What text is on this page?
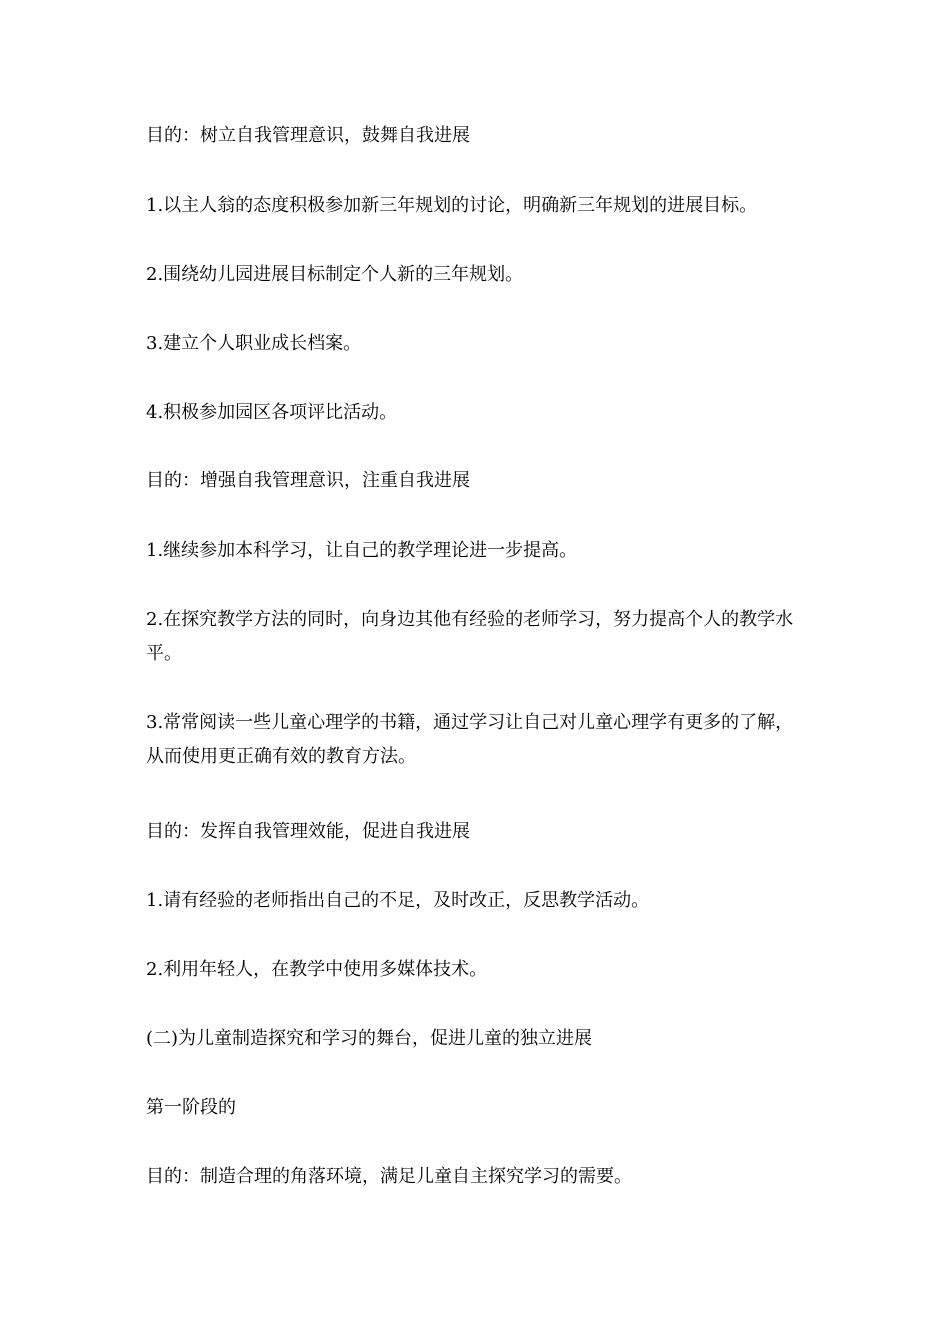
目的：树立自我管理意识，鼓舞自我进展

1.以主人翁的态度积极参加新三年规划的讨论，明确新三年规划的进展目标。

2.围绕幼儿园进展目标制定个人新的三年规划。

3.建立个人职业成长档案。

4.积极参加园区各项评比活动。

目的：增强自我管理意识，注重自我进展

1.继续参加本科学习，让自己的教学理论进一步提高。

2.在探究教学方法的同时，向身边其他有经验的老师学习，努力提高个人的教学水平。

3.常常阅读一些儿童心理学的书籍，通过学习让自己对儿童心理学有更多的了解，从而使用更正确有效的教育方法。

目的：发挥自我管理效能，促进自我进展

1.请有经验的老师指出自己的不足，及时改正，反思教学活动。

2.利用年轻人，在教学中使用多媒体技术。

(二)为儿童制造探究和学习的舞台，促进儿童的独立进展

第一阶段的

目的：制造合理的角落环境，满足儿童自主探究学习的需要。
